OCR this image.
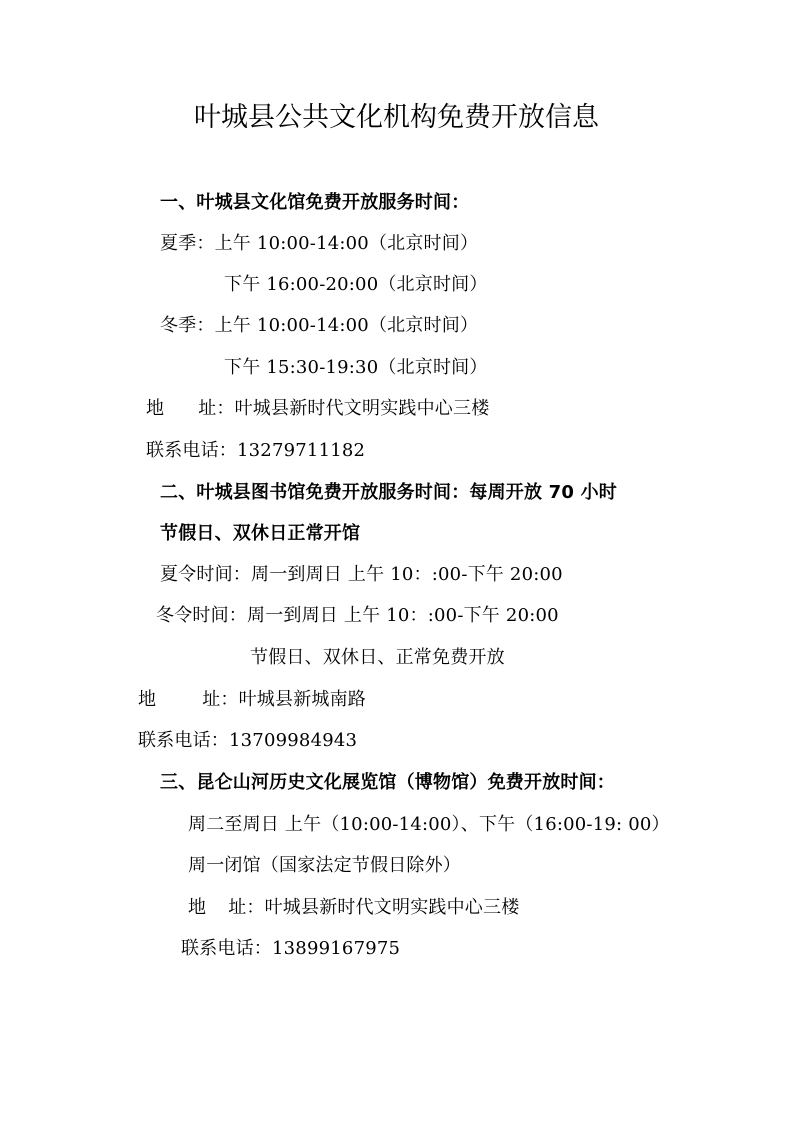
叶城县公共文化机构免费开放信息
一、叶城县文化馆免费开放服务时间：
夏季：上午 10:00-14:00（北京时间）
下午 16:00-20:00（北京时间）
冬季：上午 10:00-14:00（北京时间）
下午 15:30-19:30（北京时间）
地 址：叶城县新时代文明实践中心三楼
联系电话：13279711182
二、叶城县图书馆免费开放服务时间：每周开放 70 小时
节假日、双休日正常开馆
夏令时间：周一到周日 上午 10：:00-下午 20:00
冬令时间：周一到周日 上午 10：:00-下午 20:00
节假日、双休日、正常免费开放
地	址：叶城县新城南路
联系电话：13709984943
三、昆仑山河历史文化展览馆（博物馆）免费开放时间：
周二至周日 上午（10:00-14:00）、下午（16:00-19: 00）
周一闭馆（国家法定节假日除外）
地 址：叶城县新时代文明实践中心三楼
联系电话：13899167975
